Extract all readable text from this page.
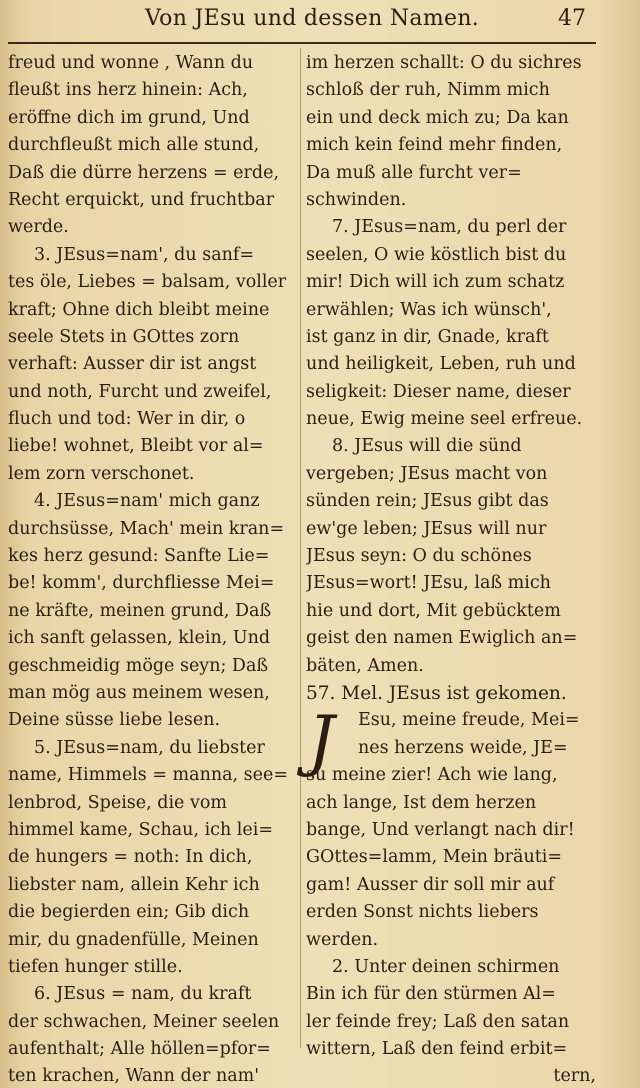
Von JEsu und dessen Namen.	47
freud und wonne , Wann du
fleußt ins herz hinein: Ach,
eröffne dich im grund, Und
durchfleußt mich alle stund,
Daß die dürre herzens = erde,
Recht erquickt, und fruchtbar
werde.
3. JEsus=nam', du sanf=
tes öle, Liebes = balsam, voller
kraft; Ohne dich bleibt meine
seele Stets in GOttes zorn
verhaft: Ausser dir ist angst
und noth, Furcht und zweifel,
fluch und tod: Wer in dir, o
liebe! wohnet, Bleibt vor al=
lem zorn verschonet.
4. JEsus=nam' mich ganz
durchsüsse, Mach' mein kran=
kes herz gesund: Sanfte Lie=
be! komm', durchfliesse Mei=
ne kräfte, meinen grund, Daß
ich sanft gelassen, klein, Und
geschmeidig möge seyn; Daß
man mög aus meinem wesen,
Deine süsse liebe lesen.
5. JEsus=nam, du liebster
name, Himmels = manna, see=
lenbrod, Speise, die vom
himmel kame, Schau, ich lei=
de hungers = noth: In dich,
liebster nam, allein Kehr ich
die begierden ein; Gib dich
mir, du gnadenfülle, Meinen
tiefen hunger stille.
6. JEsus = nam, du kraft
der schwachen, Meiner seelen
aufenthalt; Alle höllen=pfor=
ten krachen, Wann der nam'
im herzen schallt: O du sichres
schloß der ruh, Nimm mich
ein und deck mich zu; Da kan
mich kein feind mehr finden,
Da muß alle furcht ver=
schwinden.
7. JEsus=nam, du perl der
seelen, O wie köstlich bist du
mir! Dich will ich zum schatz
erwählen; Was ich wünsch',
ist ganz in dir, Gnade, kraft
und heiligkeit, Leben, ruh und
seligkeit: Dieser name, dieser
neue, Ewig meine seel erfreue.
8. JEsus will die sünd
vergeben; JEsus macht von
sünden rein; JEsus gibt das
ew'ge leben; JEsus will nur
JEsus seyn: O du schönes
JEsus=wort! JEsu, laß mich
hie und dort, Mit gebücktem
geist den namen Ewiglich an=
bäten, Amen.
57. Mel. JEsus ist gekomen.
J	Esu, meine freude, Mei=
nes herzens weide, JE=
su meine zier! Ach wie lang,
ach lange, Ist dem herzen
bange, Und verlangt nach dir!
GOttes=lamm, Mein bräuti=
gam! Ausser dir soll mir auf
erden Sonst nichts liebers
werden.
2. Unter deinen schirmen
Bin ich für den stürmen Al=
ler feinde frey; Laß den satan
wittern, Laß den feind erbit=
tern,
